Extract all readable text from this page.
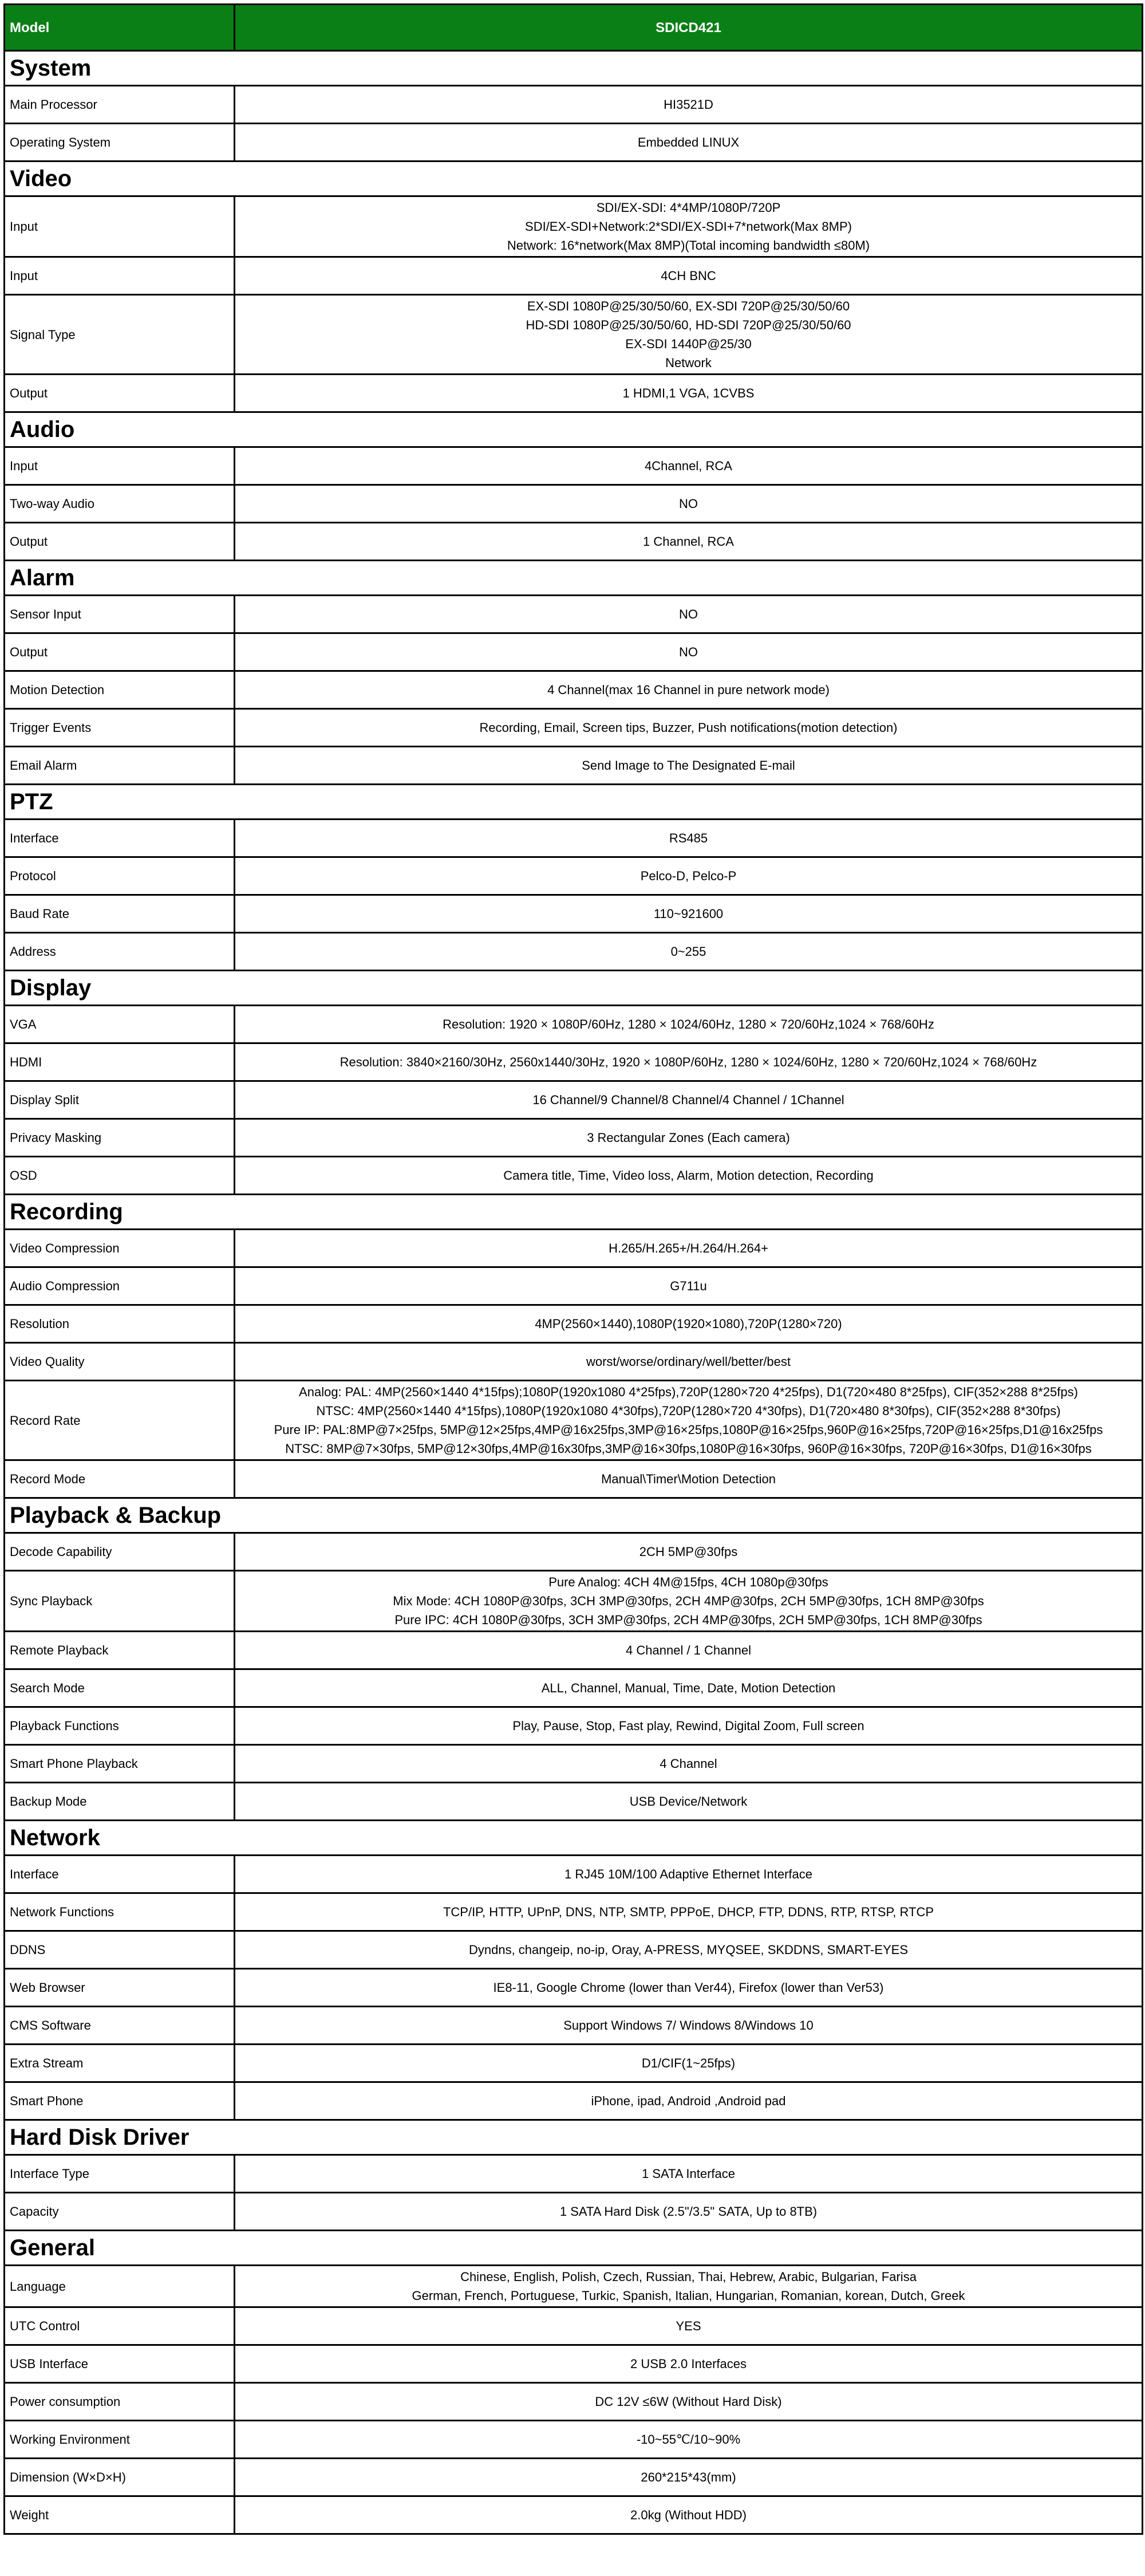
Model	SDICD421
System	
Main Processor	HI3521D
Operating System	Embedded LINUX
Video	
Input	SDI/EX-SDI: 4*4MP/1080P/720P
SDI/EX-SDI+Network:2*SDI/EX-SDI+7*network(Max 8MP)
Network: 16*network(Max 8MP)(Total incoming bandwidth ≤80M)
Input	4CH BNC
Signal Type	EX-SDI 1080P@25/30/50/60, EX-SDI 720P@25/30/50/60
HD-SDI 1080P@25/30/50/60, HD-SDI 720P@25/30/50/60
EX-SDI 1440P@25/30
Network
Output	1 HDMI,1 VGA, 1CVBS
Audio	
Input	4Channel, RCA
Two-way Audio	NO
Output	1 Channel, RCA
Alarm	
Sensor Input	NO
Output	NO
Motion Detection	4 Channel(max 16 Channel in pure network mode)
Trigger Events	Recording, Email, Screen tips, Buzzer, Push notifications(motion detection)
Email Alarm	Send Image to The Designated E-mail
PTZ	
Interface	RS485
Protocol	Pelco-D, Pelco-P
Baud Rate	110~921600
Address	0~255
Display	
VGA	Resolution: 1920 × 1080P/60Hz, 1280 × 1024/60Hz, 1280 × 720/60Hz,1024 × 768/60Hz
HDMI	Resolution: 3840×2160/30Hz, 2560x1440/30Hz, 1920 × 1080P/60Hz, 1280 × 1024/60Hz, 1280 × 720/60Hz,1024 × 768/60Hz
Display Split	16 Channel/9 Channel/8 Channel/4 Channel / 1Channel
Privacy Masking	3 Rectangular Zones (Each camera)
OSD	Camera title, Time, Video loss, Alarm, Motion detection, Recording
Recording	
Video Compression	H.265/H.265+/H.264/H.264+
Audio Compression	G711u
Resolution	4MP(2560×1440),1080P(1920×1080),720P(1280×720)
Video Quality	worst/worse/ordinary/well/better/best
Record Rate	Analog: PAL: 4MP(2560×1440 4*15fps);1080P(1920x1080 4*25fps),720P(1280×720 4*25fps), D1(720×480 8*25fps), CIF(352×288 8*25fps)
NTSC: 4MP(2560×1440 4*15fps),1080P(1920x1080 4*30fps),720P(1280×720 4*30fps), D1(720×480 8*30fps), CIF(352×288 8*30fps)
Pure IP: PAL:8MP@7×25fps, 5MP@12×25fps,4MP@16x25fps,3MP@16×25fps,1080P@16×25fps,960P@16×25fps,720P@16×25fps,D1@16x25fps
NTSC: 8MP@7×30fps, 5MP@12×30fps,4MP@16x30fps,3MP@16×30fps,1080P@16×30fps, 960P@16×30fps, 720P@16×30fps, D1@16×30fps
Record Mode	Manual\Timer\Motion Detection
Playback & Backup	
Decode Capability	2CH 5MP@30fps
Sync Playback	Pure Analog: 4CH 4M@15fps, 4CH 1080p@30fps
Mix Mode: 4CH 1080P@30fps, 3CH 3MP@30fps, 2CH 4MP@30fps, 2CH 5MP@30fps, 1CH 8MP@30fps
Pure IPC: 4CH 1080P@30fps, 3CH 3MP@30fps, 2CH 4MP@30fps, 2CH 5MP@30fps, 1CH 8MP@30fps
Remote Playback	4 Channel / 1 Channel
Search Mode	ALL, Channel, Manual, Time, Date, Motion Detection
Playback Functions	Play, Pause, Stop, Fast play, Rewind, Digital Zoom, Full screen
Smart Phone Playback	4 Channel
Backup Mode	USB Device/Network
Network	
Interface	1 RJ45 10M/100 Adaptive Ethernet Interface
Network Functions	TCP/IP, HTTP, UPnP, DNS, NTP, SMTP, PPPoE, DHCP, FTP, DDNS, RTP, RTSP, RTCP
DDNS	Dyndns, changeip, no-ip, Oray, A-PRESS, MYQSEE, SKDDNS, SMART-EYES
Web Browser	IE8-11, Google Chrome (lower than Ver44), Firefox (lower than Ver53)
CMS Software	Support Windows 7/ Windows 8/Windows 10
Extra Stream	D1/CIF(1~25fps)
Smart Phone	iPhone, ipad, Android ,Android pad
Hard Disk Driver	
Interface Type	1 SATA Interface
Capacity	1 SATA Hard Disk (2.5"/3.5" SATA, Up to 8TB)
General	
Language	Chinese, English, Polish, Czech, Russian, Thai, Hebrew, Arabic, Bulgarian, Farisa
German, French, Portuguese, Turkic, Spanish, Italian, Hungarian, Romanian, korean, Dutch, Greek
UTC Control	YES
USB Interface	2 USB 2.0 Interfaces
Power consumption	DC 12V ≤6W (Without Hard Disk)
Working Environment	-10~55℃/10~90%
Dimension (W×D×H)	260*215*43(mm)
Weight	2.0kg (Without HDD)
